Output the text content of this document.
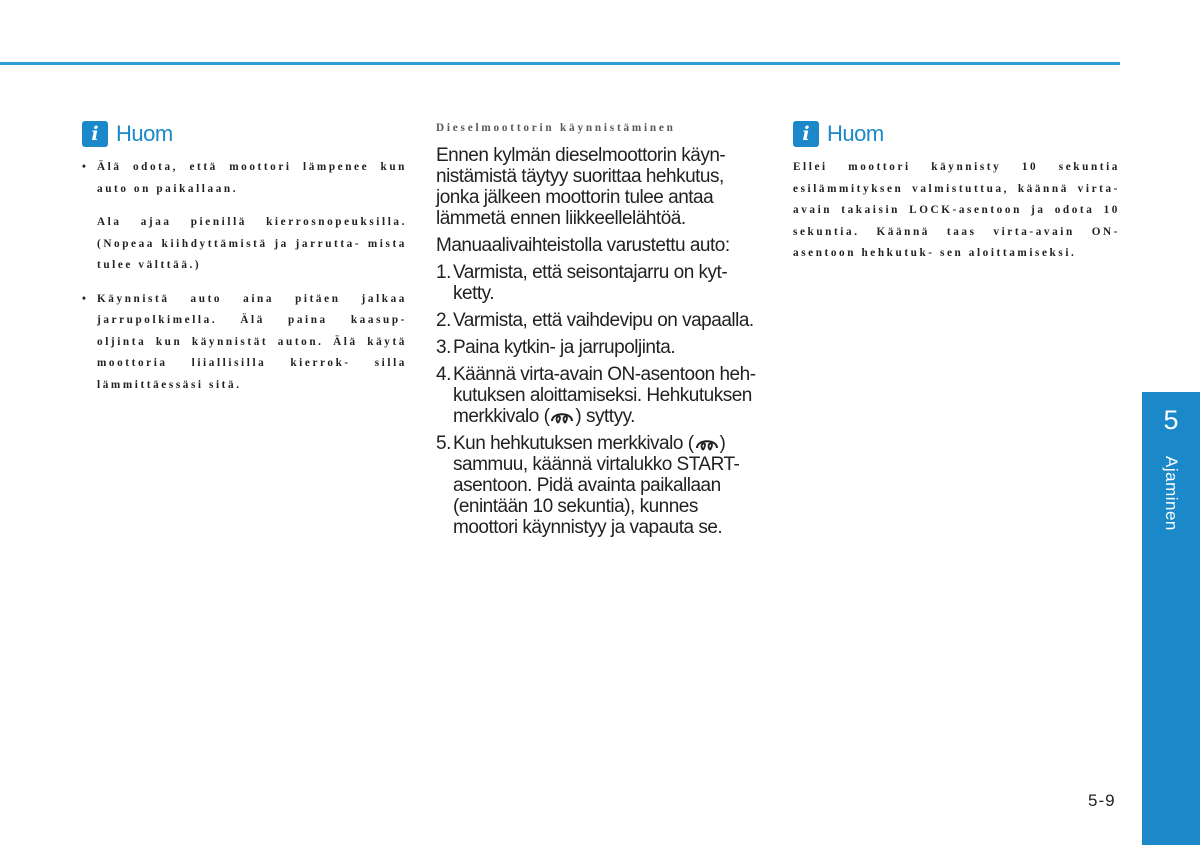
i Huom
• Älä odota, että moottori lämpenee kun auto on paikallaan.
Ala ajaa pienillä kierrosnopeuksilla. (Nopeaa kiihdyttämistä ja jarrutta- mista tulee välttää.)
• Käynnistä auto aina pitäen jalkaa jarrupolkimella. Älä paina kaasup- oljinta kun käynnistät auton. Älä käytä moottoria liiallisilla kierrok- silla lämmittäessäsi sitä.
Dieselmoottorin käynnistäminen

Ennen kylmän dieselmoottorin käyn- nistämistä täytyy suorittaa hehkutus, jonka jälkeen moottorin tulee antaa lämmetä ennen liikkeellelähtöä.

Manuaalivaihteistolla varustettu auto:

1. Varmista, että seisontajarru on kyt- ketty.
2. Varmista, että vaihdevipu on vapaalla.
3. Paina kytkin- ja jarrupoljinta.
4. Käännä virta-avain ON-asentoon heh- kutuksen aloittamiseksi. Hehkutuksen merkkivalo ( ) syttyy.
5. Kun hehkutuksen merkkivalo ( ) sammuu, käännä virtalukko START- asentoon. Pidä avainta paikallaan (enintään 10 sekuntia), kunnes moottori käynnistyy ja vapauta se.
i Huom
Ellei moottori käynnisty 10 sekuntia esilämmityksen valmistuttua, käännä virta-avain takaisin LOCK-asentoon ja odota 10 sekuntia. Käännä taas virta-avain ON-asentoon hehkutuk- sen aloittamiseksi.
5
Ajaminen
5-9
